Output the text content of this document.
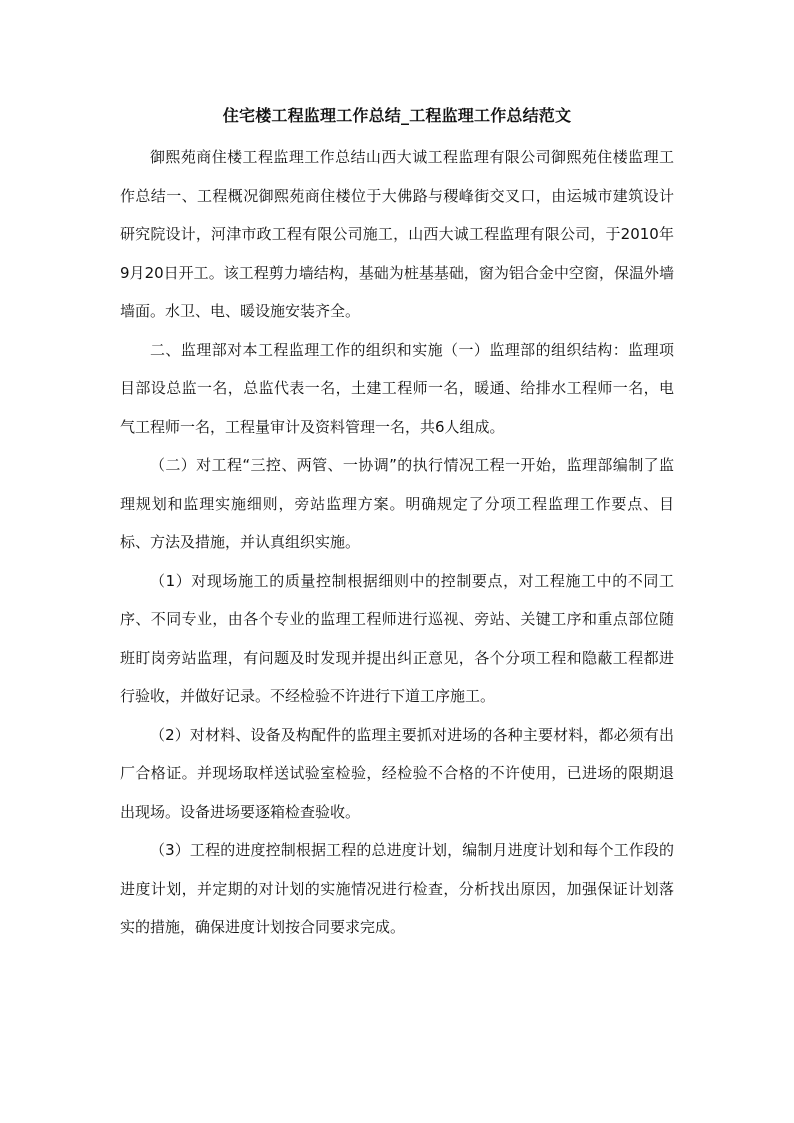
住宅楼工程监理工作总结_工程监理工作总结范文

御熙苑商住楼工程监理工作总结山西大诚工程监理有限公司御熙苑住楼监理工作总结一、工程概况御熙苑商住楼位于大佛路与稷峰街交叉口，由运城市建筑设计研究院设计，河津市政工程有限公司施工，山西大诚工程监理有限公司，于2010年9月20日开工。该工程剪力墙结构，基础为桩基基础，窗为铝合金中空窗，保温外墙墙面。水卫、电、暖设施安装齐全。

二、监理部对本工程监理工作的组织和实施（一）监理部的组织结构：监理项目部设总监一名，总监代表一名，土建工程师一名，暖通、给排水工程师一名，电气工程师一名，工程量审计及资料管理一名，共6人组成。

（二）对工程“三控、两管、一协调”的执行情况工程一开始，监理部编制了监理规划和监理实施细则，旁站监理方案。明确规定了分项工程监理工作要点、目标、方法及措施，并认真组织实施。

（1）对现场施工的质量控制根据细则中的控制要点，对工程施工中的不同工序、不同专业，由各个专业的监理工程师进行巡视、旁站、关键工序和重点部位随班盯岗旁站监理，有问题及时发现并提出纠正意见，各个分项工程和隐蔽工程都进行验收，并做好记录。不经检验不许进行下道工序施工。

（2）对材料、设备及构配件的监理主要抓对进场的各种主要材料，都必须有出厂合格证。并现场取样送试验室检验，经检验不合格的不许使用，已进场的限期退出现场。设备进场要逐箱检查验收。

（3）工程的进度控制根据工程的总进度计划，编制月进度计划和每个工作段的进度计划，并定期的对计划的实施情况进行检查，分析找出原因，加强保证计划落实的措施，确保进度计划按合同要求完成。
